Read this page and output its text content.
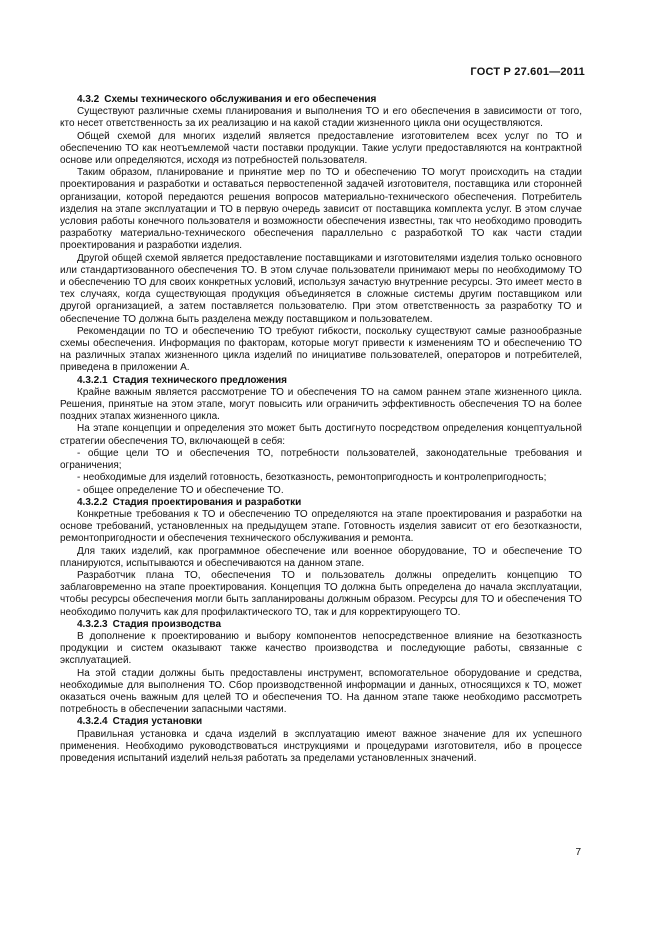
ГОСТ Р 27.601—2011

4.3.2 Схемы технического обслуживания и его обеспечения

Существуют различные схемы планирования и выполнения ТО и его обеспечения в зависимости от того, кто несет ответственность за их реализацию и на какой стадии жизненного цикла они осуществляются.

Общей схемой для многих изделий является предоставление изготовителем всех услуг по ТО и обеспечению ТО как неотъемлемой части поставки продукции. Такие услуги предоставляются на контрактной основе или определяются, исходя из потребностей пользователя.

Таким образом, планирование и принятие мер по ТО и обеспечению ТО могут происходить на стадии проектирования и разработки и оставаться первостепенной задачей изготовителя, поставщика или сторонней организации, которой передаются решения вопросов материально-технического обеспечения. Потребитель изделия на этапе эксплуатации и ТО в первую очередь зависит от поставщика комплекта услуг. В этом случае условия работы конечного пользователя и возможности обеспечения известны, так что необходимо проводить разработку материально-технического обеспечения параллельно с разработкой ТО как части стадии проектирования и разработки изделия.

Другой общей схемой является предоставление поставщиками и изготовителями изделия только основного или стандартизованного обеспечения ТО. В этом случае пользователи принимают меры по необходимому ТО и обеспечению ТО для своих конкретных условий, используя зачастую внутренние ресурсы. Это имеет место в тех случаях, когда существующая продукция объединяется в сложные системы другим поставщиком или другой организацией, а затем поставляется пользователю. При этом ответственность за разработку ТО и обеспечение ТО должна быть разделена между поставщиком и пользователем.

Рекомендации по ТО и обеспечению ТО требуют гибкости, поскольку существуют самые разнообразные схемы обеспечения. Информация по факторам, которые могут привести к изменениям ТО и обеспечению ТО на различных этапах жизненного цикла изделий по инициативе пользователей, операторов и потребителей, приведена в приложении А.

4.3.2.1 Стадия технического предложения

Крайне важным является рассмотрение ТО и обеспечения ТО на самом раннем этапе жизненного цикла. Решения, принятые на этом этапе, могут повысить или ограничить эффективность обеспечения ТО на более поздних этапах жизненного цикла.

На этапе концепции и определения это может быть достигнуто посредством определения концептуальной стратегии обеспечения ТО, включающей в себя:

- общие цели ТО и обеспечения ТО, потребности пользователей, законодательные требования и ограничения;

- необходимые для изделий готовность, безотказность, ремонтопригодность и контролепригодность;

- общее определение ТО и обеспечение ТО.

4.3.2.2 Стадия проектирования и разработки

Конкретные требования к ТО и обеспечению ТО определяются на этапе проектирования и разработки на основе требований, установленных на предыдущем этапе. Готовность изделия зависит от его безотказности, ремонтопригодности и обеспечения технического обслуживания и ремонта.

Для таких изделий, как программное обеспечение или военное оборудование, ТО и обеспечение ТО планируются, испытываются и обеспечиваются на данном этапе.

Разработчик плана ТО, обеспечения ТО и пользователь должны определить концепцию ТО заблаговременно на этапе проектирования. Концепция ТО должна быть определена до начала эксплуатации, чтобы ресурсы обеспечения могли быть запланированы должным образом. Ресурсы для ТО и обеспечения ТО необходимо получить как для профилактического ТО, так и для корректирующего ТО.

4.3.2.3 Стадия производства

В дополнение к проектированию и выбору компонентов непосредственное влияние на безотказность продукции и систем оказывают также качество производства и последующие работы, связанные с эксплуатацией.

На этой стадии должны быть предоставлены инструмент, вспомогательное оборудование и средства, необходимые для выполнения ТО. Сбор производственной информации и данных, относящихся к ТО, может оказаться очень важным для целей ТО и обеспечения ТО. На данном этапе также необходимо рассмотреть потребность в обеспечении запасными частями.

4.3.2.4 Стадия установки

Правильная установка и сдача изделий в эксплуатацию имеют важное значение для их успешного применения. Необходимо руководствоваться инструкциями и процедурами изготовителя, ибо в процессе проведения испытаний изделий нельзя работать за пределами установленных значений.

7
